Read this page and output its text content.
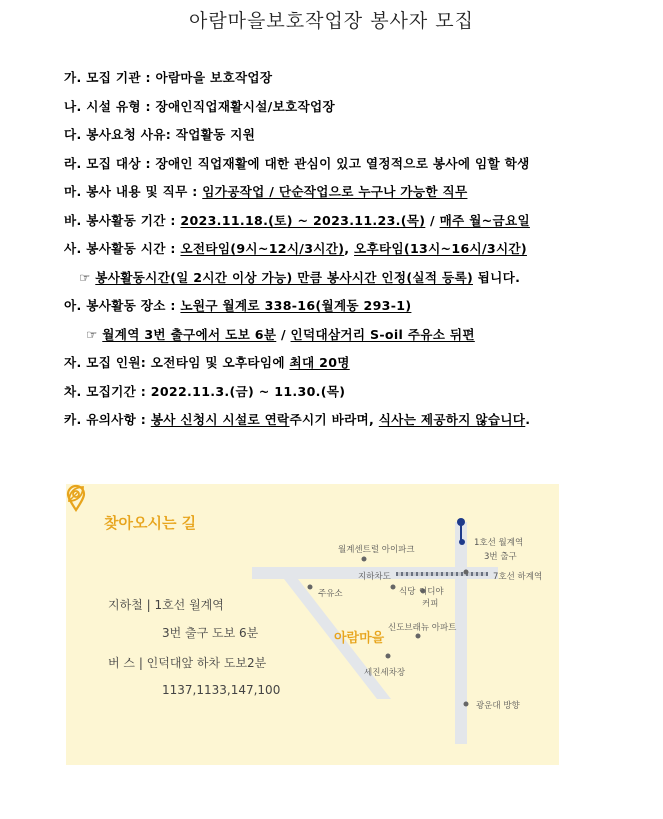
아람마을보호작업장 봉사자 모집
가. 모집 기관 : 아람마을 보호작업장
나. 시설 유형 : 장애인직업재활시설/보호작업장
다. 봉사요청 사유: 작업활동 지원
라. 모집 대상 : 장애인 직업재활에 대한 관심이 있고 열정적으로 봉사에 임할 학생
마. 봉사 내용 및 직무 : 임가공작업 / 단순작업으로 누구나 가능한 직무
바. 봉사활동 기간 : 2023.11.18.(토) ~ 2023.11.23.(목) / 매주 월~금요일
사. 봉사활동 시간 : 오전타임(9시~12시/3시간), 오후타임(13시~16시/3시간)
☞ 봉사활동시간(일 2시간 이상 가능) 만큼 봉사시간 인정(실적 등록) 됩니다.
아. 봉사활동 장소 : 노원구 월계로 338-16(월계동 293-1)
☞ 월계역 3번 출구에서 도보 6분 / 인덕대삼거리 S-oil 주유소 뒤편
자. 모집 인원: 오전타임 및 오후타임에 최대 20명
차. 모집기간 : 2022.11.3.(금) ~ 11.30.(목)
카. 유의사항 : 봉사 신청시 시설로 연락주시기 바라며, 식사는 제공하지 않습니다.
찾아오시는 길
지하철 | 1호선 월계역
3번 출구 도보 6분
버 스 | 인덕대앞 하차 도보2분
1137,1133,147,100
월계센트럴 아이파크
1호선 월계역
3번 출구
지하차도	7호선 하계역
주유소	식당 이디야
커피
아람마을
신도브래뉴 아파트
세진세차장
광운대 방향
